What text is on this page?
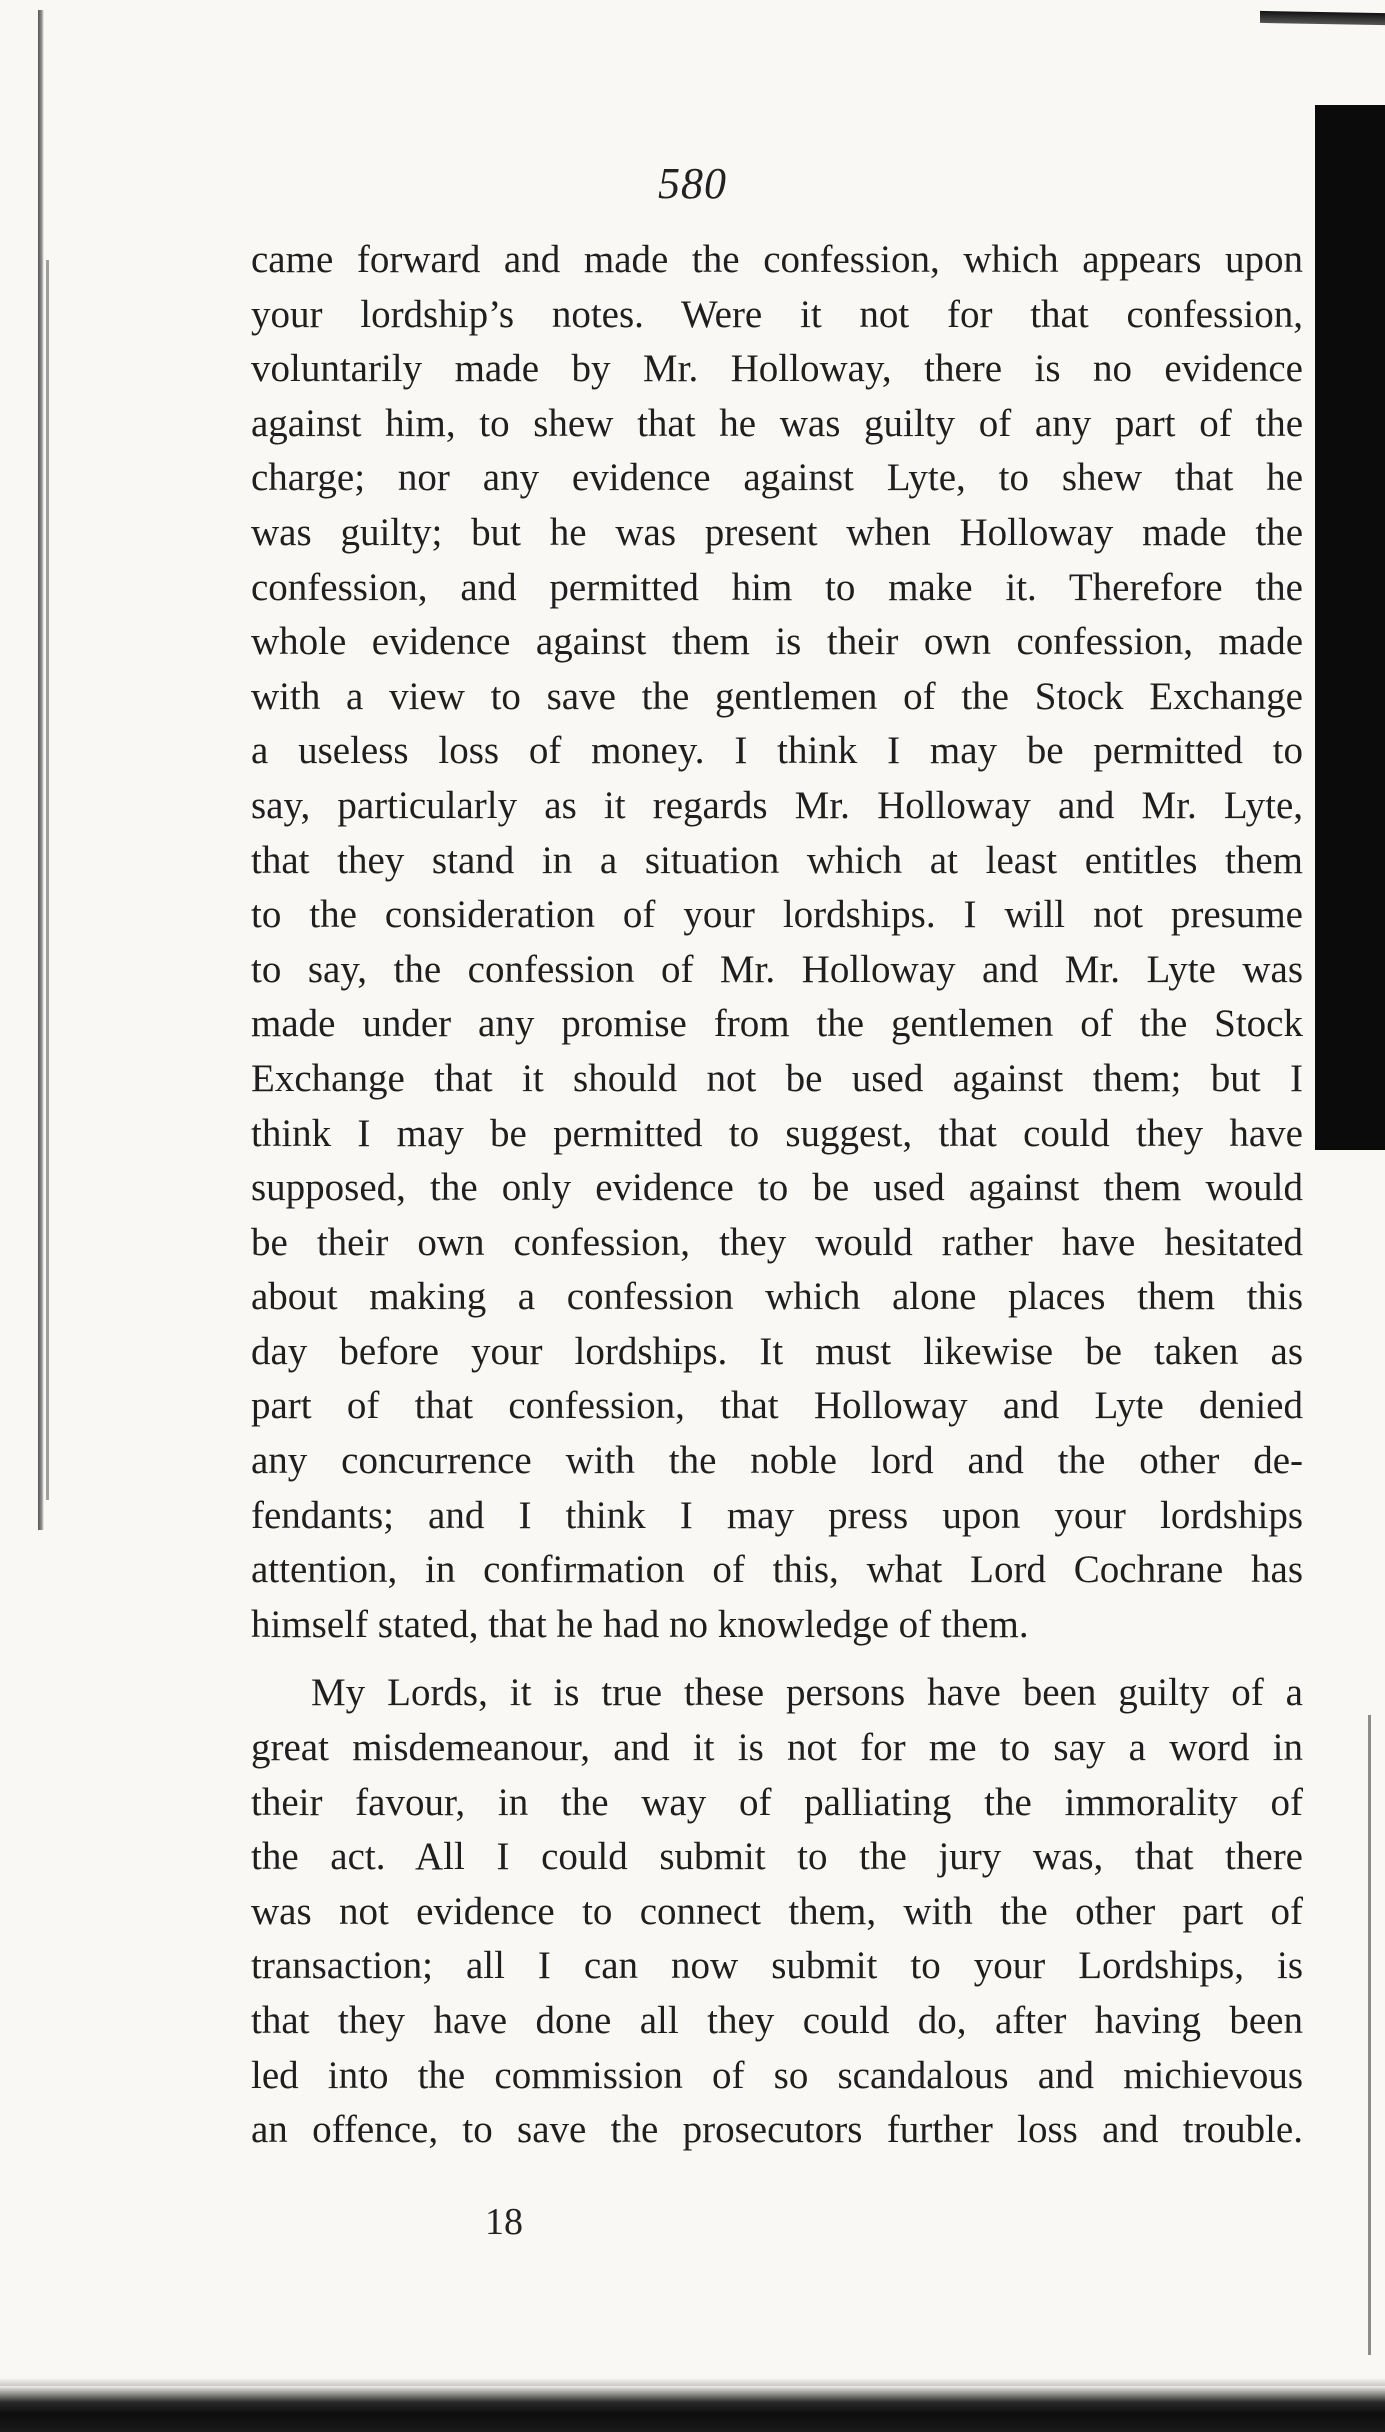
580
came forward and made the confession, which appears upon
your lordship’s notes. Were it not for that confession,
voluntarily made by Mr. Holloway, there is no evidence
against him, to shew that he was guilty of any part of the
charge; nor any evidence against Lyte, to shew that he
was guilty; but he was present when Holloway made the
confession, and permitted him to make it. Therefore the
whole evidence against them is their own confession, made
with a view to save the gentlemen of the Stock Exchange
a useless loss of money. I think I may be permitted to
say, particularly as it regards Mr. Holloway and Mr. Lyte,
that they stand in a situation which at least entitles them
to the consideration of your lordships. I will not presume
to say, the confession of Mr. Holloway and Mr. Lyte was
made under any promise from the gentlemen of the Stock
Exchange that it should not be used against them; but I
think I may be permitted to suggest, that could they have
supposed, the only evidence to be used against them would
be their own confession, they would rather have hesitated
about making a confession which alone places them this
day before your lordships. It must likewise be taken as
part of that confession, that Holloway and Lyte denied
any concurrence with the noble lord and the other de-
fendants; and I think I may press upon your lordships
attention, in confirmation of this, what Lord Cochrane has
himself stated, that he had no knowledge of them.
My Lords, it is true these persons have been guilty of a
great misdemeanour, and it is not for me to say a word in
their favour, in the way of palliating the immorality of
the act. All I could submit to the jury was, that there
was not evidence to connect them, with the other part of
transaction; all I can now submit to your Lordships, is
that they have done all they could do, after having been
led into the commission of so scandalous and michievous
an offence, to save the prosecutors further loss and trouble.
18
